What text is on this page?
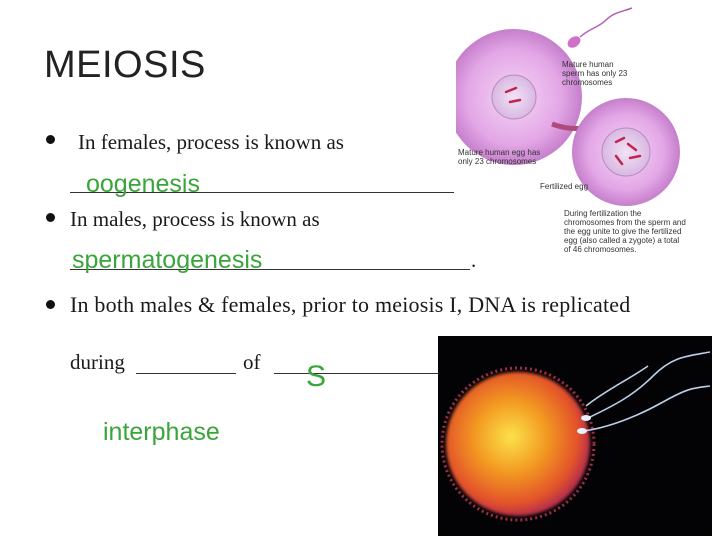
MEIOSIS
In females, process is known as
oogenesis
In males, process is known as
spermatogenesis
In both males & females, prior to meiosis I, DNA is replicated
during	of S
interphase
Mature human sperm has only 23 chromosomes
Mature human egg has only 23 chromosomes
Fertilized egg
During fertilization the chromosomes from the sperm and the egg unite to give the fertilized egg (also called a zygote) a total of 46 chromosomes.
